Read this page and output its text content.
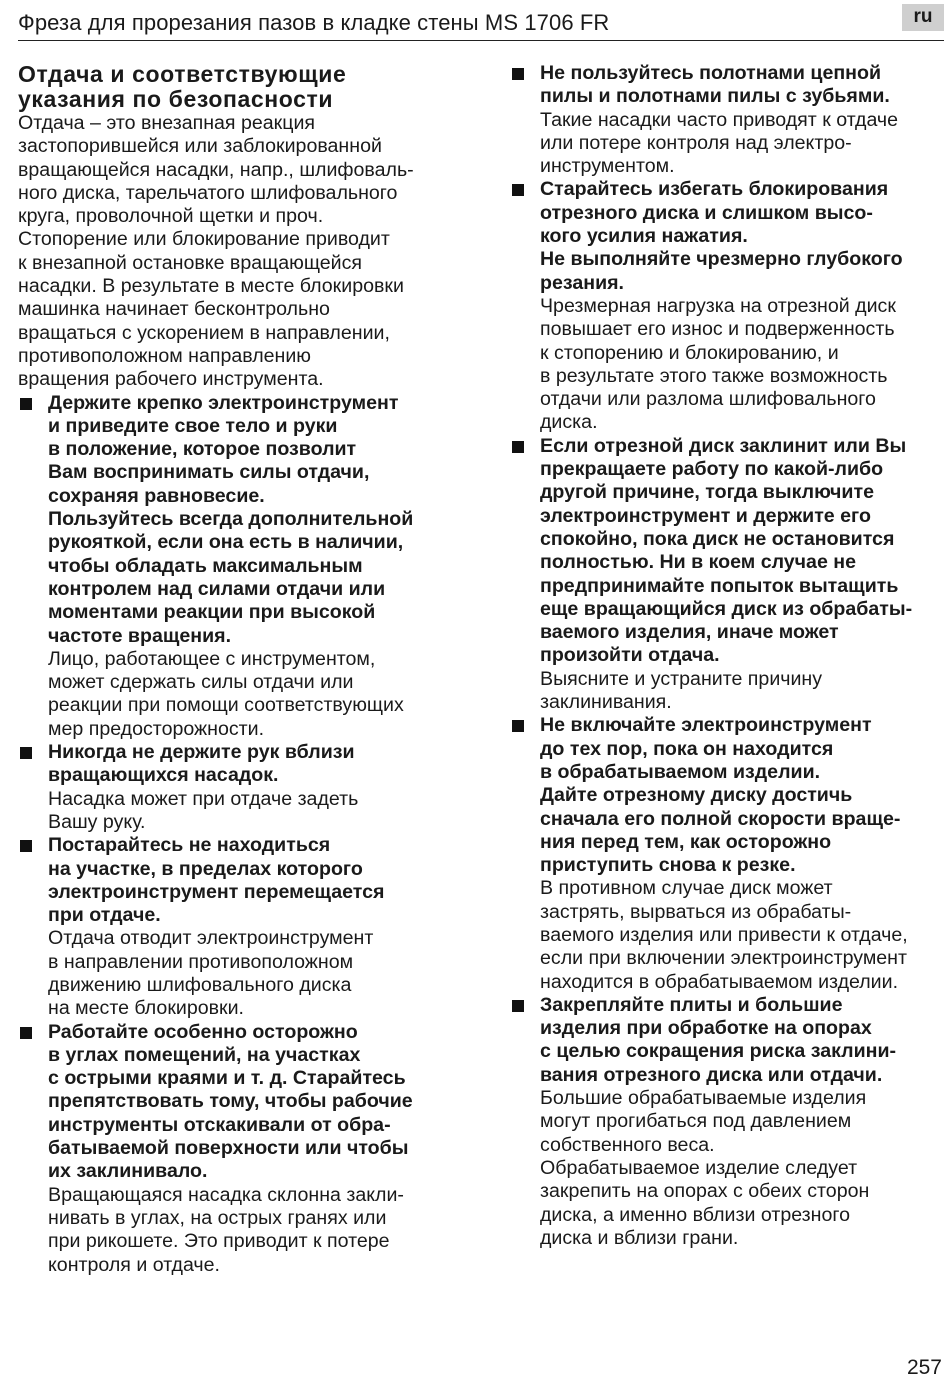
Фреза для прорезания пазов в кладке стены MS 1706 FR	ru
Отдача и соответствующие
указания по безопасности
Отдача – это внезапная реакция
застопорившейся или заблокированной
вращающейся насадки, напр., шлифоваль-
ного диска, тарельчатого шлифовального
круга, проволочной щетки и проч.
Стопорение или блокирование приводит
к внезапной остановке вращающейся
насадки. В результате в месте блокировки
машинка начинает бесконтрольно
вращаться с ускорением в направлении,
противоположном направлению
вращения рабочего инструмента.
Держите крепко электроинструмент
и приведите свое тело и руки
в положение, которое позволит
Вам воспринимать силы отдачи,
сохраняя равновесие.
Пользуйтесь всегда дополнительной
рукояткой, если она есть в наличии,
чтобы обладать максимальным
контролем над силами отдачи или
моментами реакции при высокой
частоте вращения.
Лицо, работающее с инструментом,
может сдержать силы отдачи или
реакции при помощи соответствующих
мер предосторожности.
Никогда не держите рук вблизи
вращающихся насадок.
Насадка может при отдаче задеть
Вашу руку.
Постарайтесь не находиться
на участке, в пределах которого
электроинструмент перемещается
при отдаче.
Отдача отводит электроинструмент
в направлении противоположном
движению шлифовального диска
на месте блокировки.
Работайте особенно осторожно
в углах помещений, на участках
с острыми краями и т. д. Старайтесь
препятствовать тому, чтобы рабочие
инструменты отскакивали от обра-
батываемой поверхности или чтобы
их заклинивало.
Вращающаяся насадка склонна закли-
нивать в углах, на острых гранях или
при рикошете. Это приводит к потере
контроля и отдаче.
Не пользуйтесь полотнами цепной
пилы и полотнами пилы с зубьями.
Такие насадки часто приводят к отдаче
или потере контроля над электро-
инструментом.
Старайтесь избегать блокирования
отрезного диска и слишком высо-
кого усилия нажатия.
Не выполняйте чрезмерно глубокого
резания.
Чрезмерная нагрузка на отрезной диск
повышает его износ и подверженность
к стопорению и блокированию, и
в результате этого также возможность
отдачи или разлома шлифовального
диска.
Если отрезной диск заклинит или Вы
прекращаете работу по какой-либо
другой причине, тогда выключите
электроинструмент и держите его
спокойно, пока диск не остановится
полностью. Ни в коем случае не
предпринимайте попыток вытащить
еще вращающийся диск из обрабаты-
ваемого изделия, иначе может
произойти отдача.
Выясните и устраните причину
заклинивания.
Не включайте электроинструмент
до тех пор, пока он находится
в обрабатываемом изделии.
Дайте отрезному диску достичь
сначала его полной скорости враще-
ния перед тем, как осторожно
приступить снова к резке.
В противном случае диск может
застрять, вырваться из обрабаты-
ваемого изделия или привести к отдаче,
если при включении электроинструмент
находится в обрабатываемом изделии.
Закрепляйте плиты и большие
изделия при обработке на опорах
с целью сокращения риска заклини-
вания отрезного диска или отдачи.
Большие обрабатываемые изделия
могут прогибаться под давлением
собственного веса.
Обрабатываемое изделие следует
закрепить на опорах с обеих сторон
диска, а именно вблизи отрезного
диска и вблизи грани.
257
